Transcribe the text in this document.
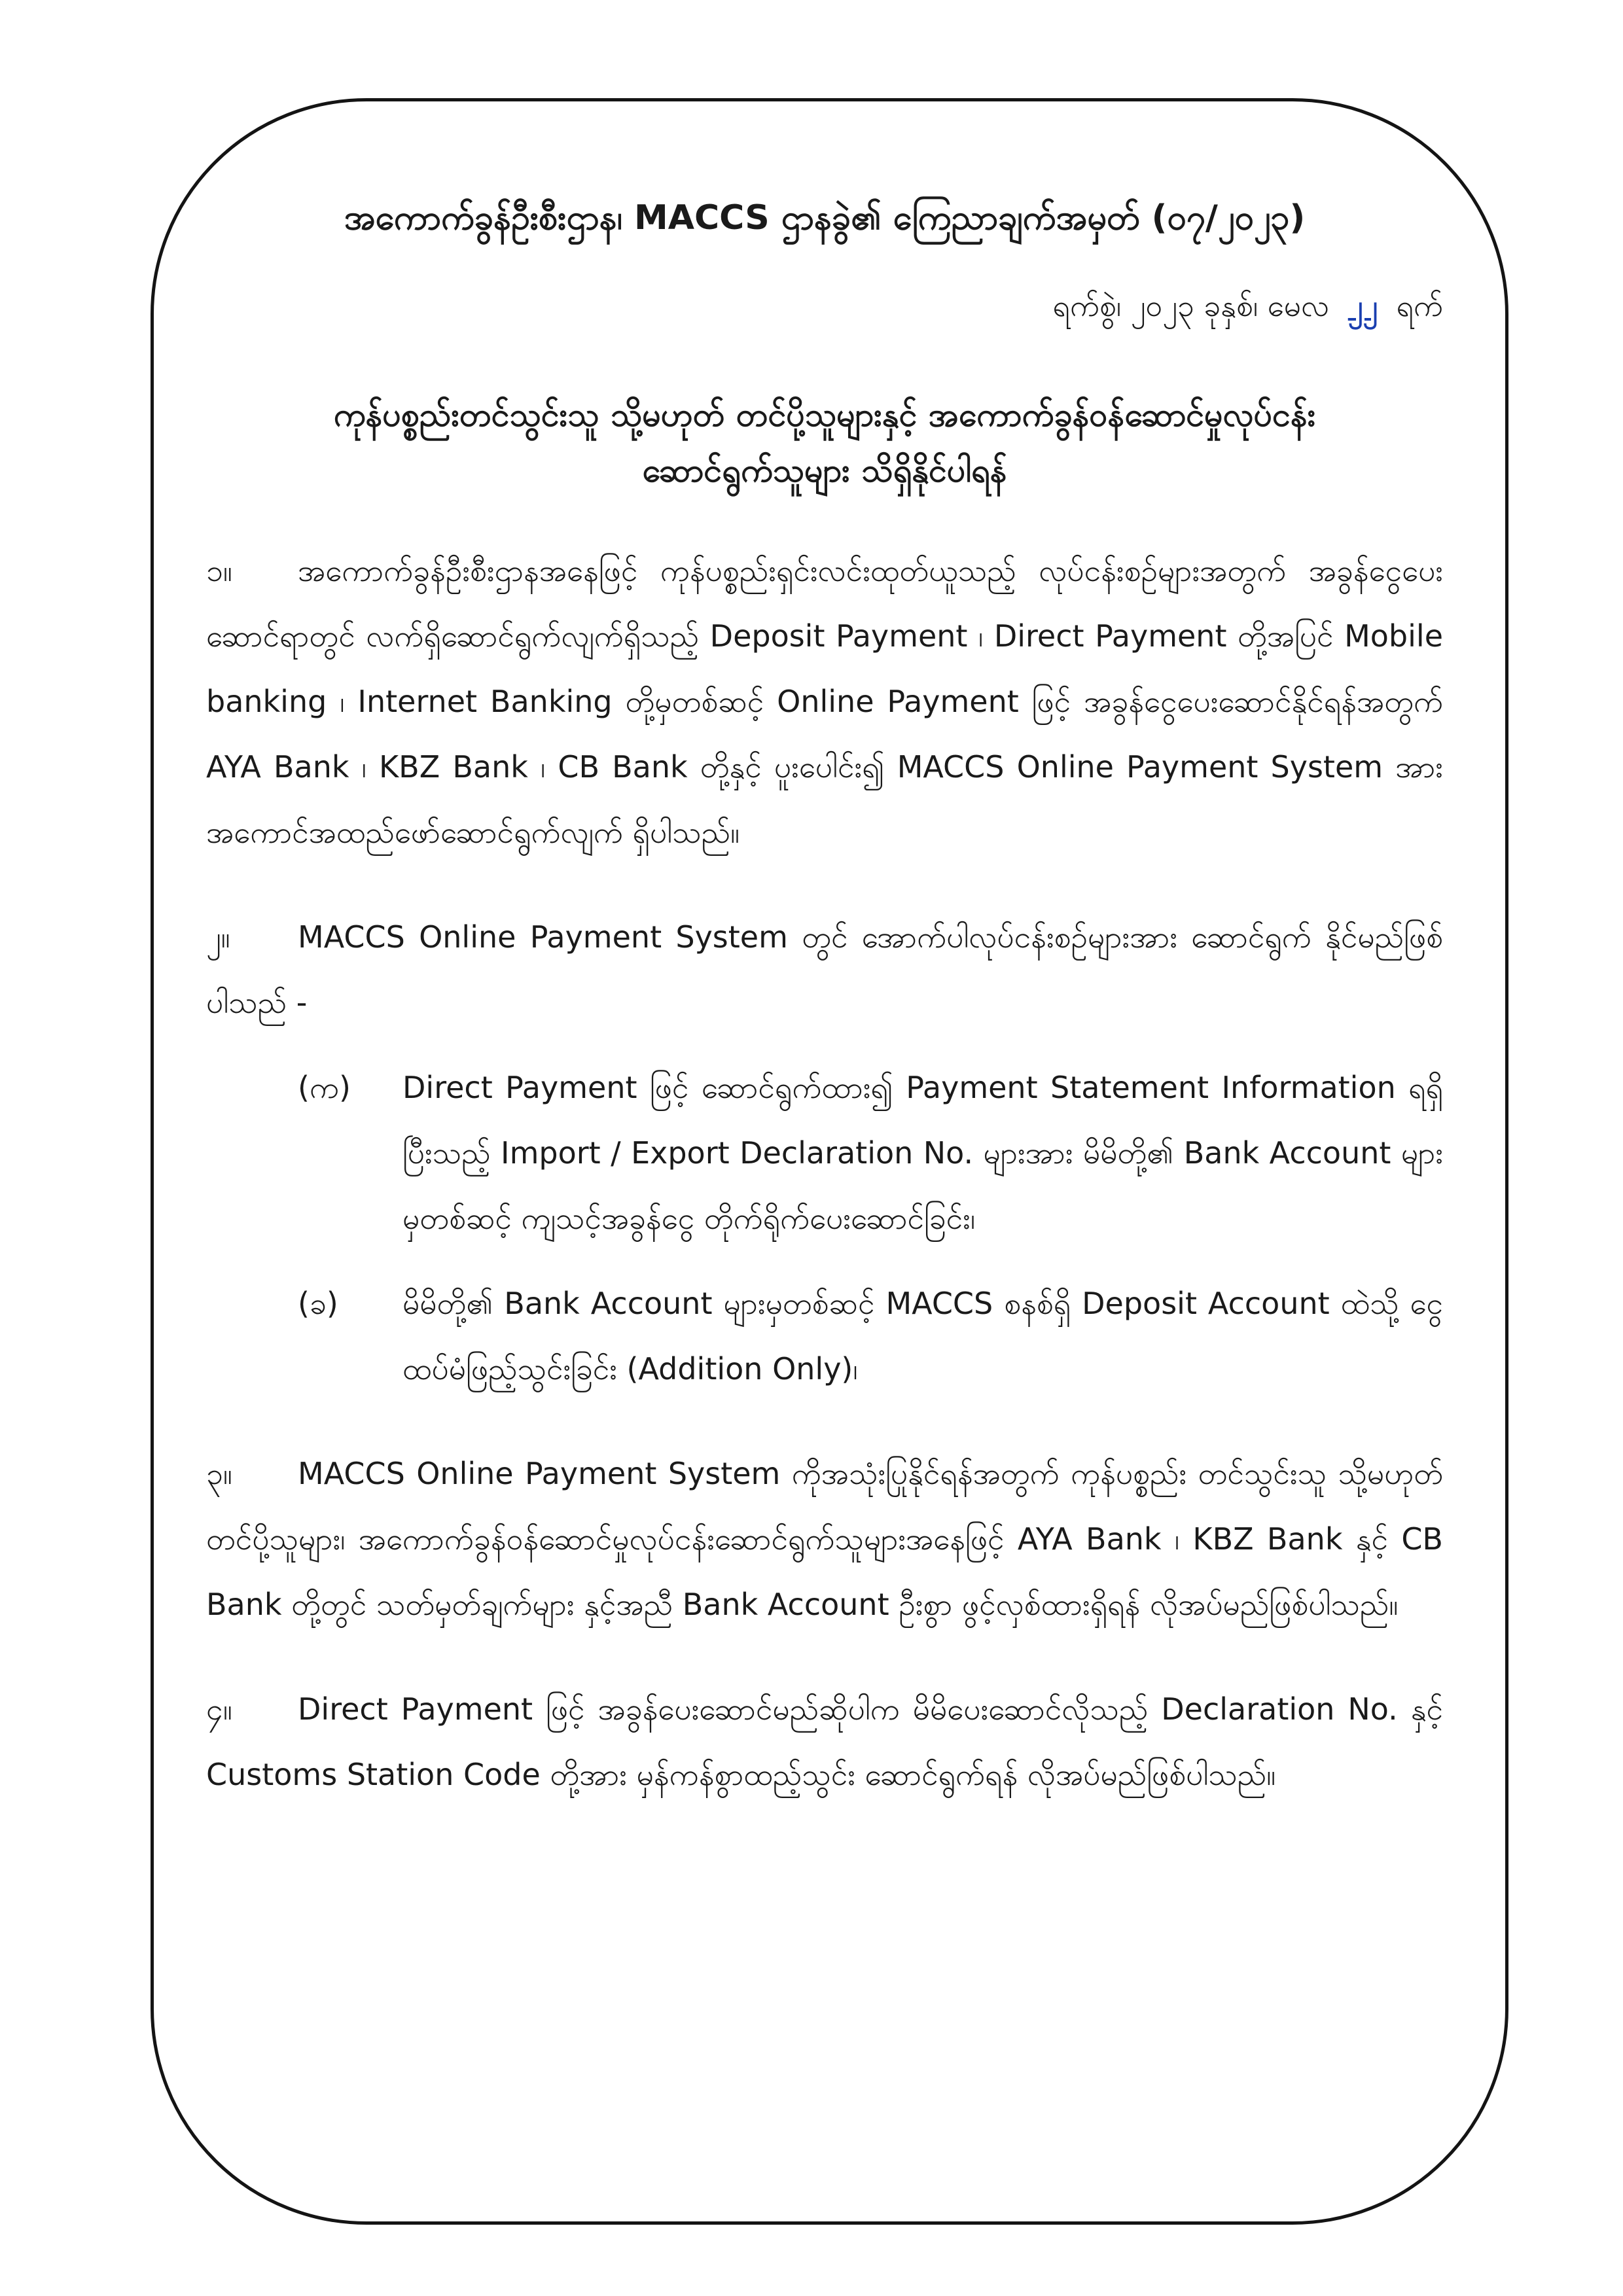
အကောက်ခွန်ဦးစီးဌာန၊ MACCS ဌာနခွဲ၏ ကြေညာချက်အမှတ် (၀၇/၂၀၂၃)
ရက်စွဲ၊ ၂၀၂၃ ခုနှစ်၊ မေလ ၂၂ ရက်
ကုန်ပစ္စည်းတင်သွင်းသူ သို့မဟုတ် တင်ပို့သူများနှင့် အကောက်ခွန်ဝန်ဆောင်မှုလုပ်ငန်း
ဆောင်ရွက်သူများ သိရှိနိုင်ပါရန်
၁။ အကောက်ခွန်ဦးစီးဌာနအနေဖြင့် ကုန်ပစ္စည်းရှင်းလင်းထုတ်ယူသည့် လုပ်ငန်းစဉ်များအတွက် အခွန်ငွေပေးဆောင်ရာတွင် လက်ရှိဆောင်ရွက်လျက်ရှိသည့် Deposit Payment ၊ Direct Payment တို့အပြင် Mobile banking ၊ Internet Banking တို့မှတစ်ဆင့် Online Payment ဖြင့် အခွန်ငွေပေးဆောင်နိုင်ရန်အတွက် AYA Bank ၊ KBZ Bank ၊ CB Bank တို့နှင့် ပူးပေါင်း၍ MACCS Online Payment System အား အကောင်အထည်ဖော်ဆောင်ရွက်လျက် ရှိပါသည်။
၂။ MACCS Online Payment System တွင် အောက်ပါလုပ်ငန်းစဉ်များအား ဆောင်ရွက် နိုင်မည်ဖြစ်ပါသည် -
(က)	Direct Payment ဖြင့် ဆောင်ရွက်ထား၍ Payment Statement Information ရရှိပြီးသည့် Import / Export Declaration No. များအား မိမိတို့၏ Bank Account များမှတစ်ဆင့် ကျသင့်အခွန်ငွေ တိုက်ရိုက်ပေးဆောင်ခြင်း၊
(ခ)	မိမိတို့၏ Bank Account များမှတစ်ဆင့် MACCS စနစ်ရှိ Deposit Account ထဲသို့ ငွေထပ်မံဖြည့်သွင်းခြင်း (Addition Only)၊
၃။ MACCS Online Payment System ကိုအသုံးပြုနိုင်ရန်အတွက် ကုန်ပစ္စည်း တင်သွင်းသူ သို့မဟုတ် တင်ပို့သူများ၊ အကောက်ခွန်ဝန်ဆောင်မှုလုပ်ငန်းဆောင်ရွက်သူများအနေဖြင့် AYA Bank ၊ KBZ Bank နှင့် CB Bank တို့တွင် သတ်မှတ်ချက်များ နှင့်အညီ Bank Account ဦးစွာ ဖွင့်လှစ်ထားရှိရန် လိုအပ်မည်ဖြစ်ပါသည်။
၄။ Direct Payment ဖြင့် အခွန်ပေးဆောင်မည်ဆိုပါက မိမိပေးဆောင်လိုသည့် Declaration No. နှင့် Customs Station Code တို့အား မှန်ကန်စွာထည့်သွင်း ဆောင်ရွက်ရန် လိုအပ်မည်ဖြစ်ပါသည်။
